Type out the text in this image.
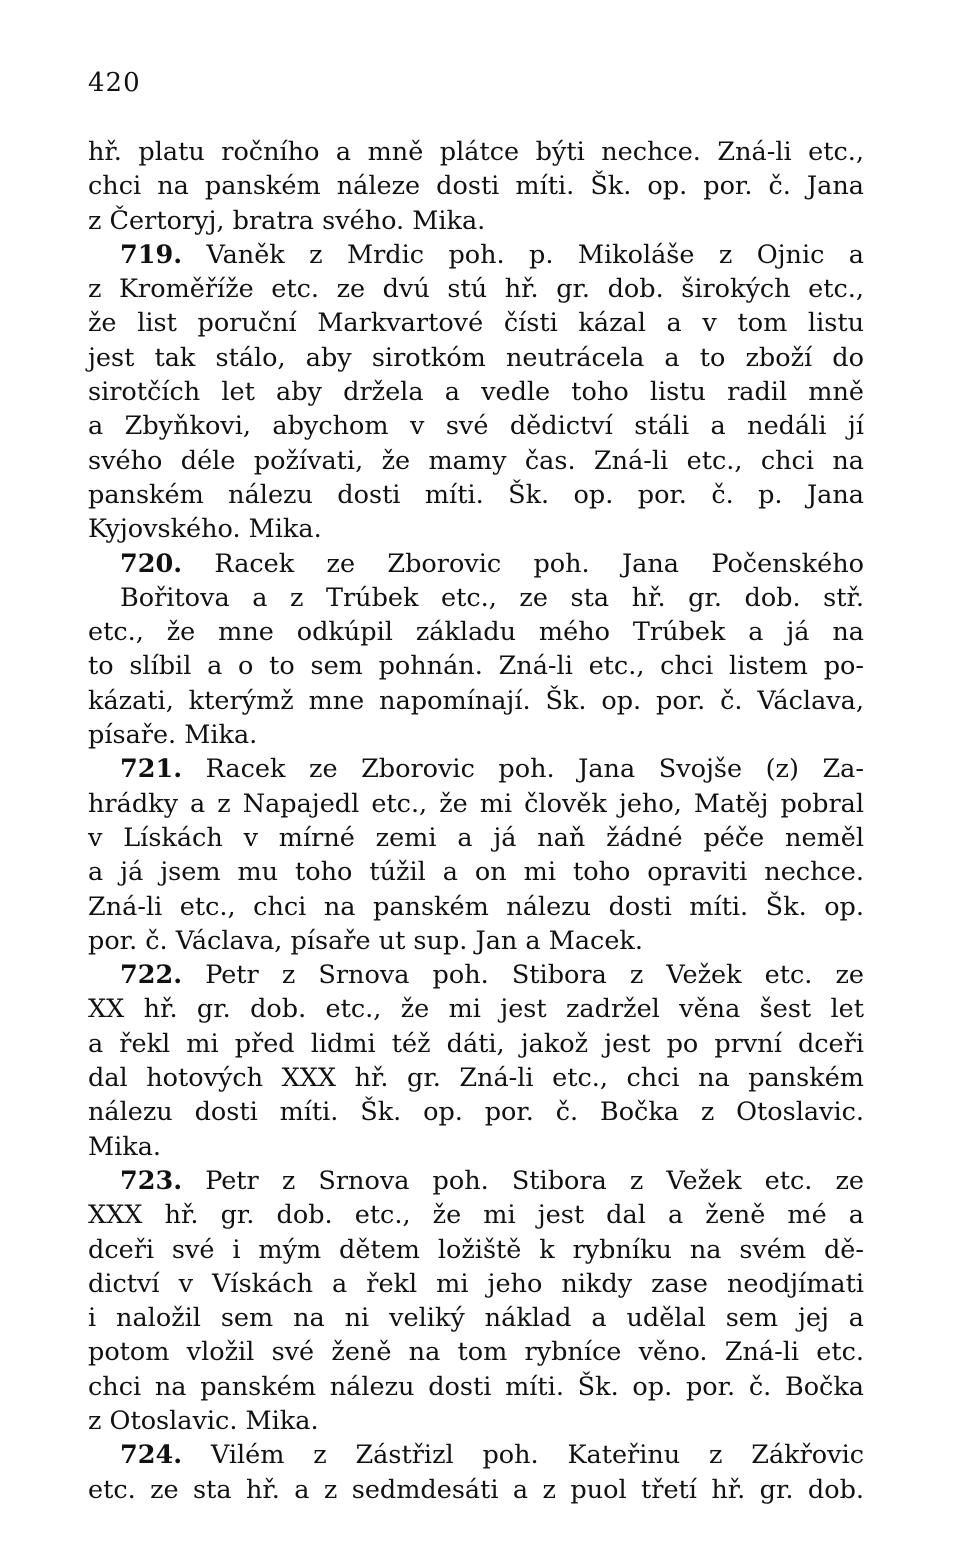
420
hř. platu ročního a mně plátce býti nechce. Zná-li etc.,
chci na panském náleze dosti míti. Šk. op. por. č. Jana
z Čertoryj, bratra svého. Mika.
719. Vaněk z Mrdic poh. p. Mikoláše z Ojnic a
z Kroměříže etc. ze dvú stú hř. gr. dob. širokých etc.,
že list poruční Markvartové čísti kázal a v tom listu
jest tak stálo, aby sirotkóm neutrácela a to zboží do
sirotčích let aby držela a vedle toho listu radil mně
a Zbyňkovi, abychom v své dědictví stáli a nedáli jí
svého déle požívati, že mamy čas. Zná-li etc., chci na
panském nálezu dosti míti. Šk. op. por. č. p. Jana
Kyjovského. Mika.
720. Racek ze Zborovic poh. Jana Počenského
Bořitova a z Trúbek etc., ze sta hř. gr. dob. stř.
etc., že mne odkúpil základu mého Trúbek a já na
to slíbil a o to sem pohnán. Zná-li etc., chci listem po-
kázati, kterýmž mne napomínají. Šk. op. por. č. Václava,
písaře. Mika.
721. Racek ze Zborovic poh. Jana Svojše (z) Za-
hrádky a z Napajedl etc., že mi člověk jeho, Matěj pobral
v Lískách v mírné zemi a já naň žádné péče neměl
a já jsem mu toho túžil a on mi toho opraviti nechce.
Zná-li etc., chci na panském nálezu dosti míti. Šk. op.
por. č. Václava, písaře ut sup. Jan a Macek.
722. Petr z Srnova poh. Stibora z Vežek etc. ze
XX hř. gr. dob. etc., že mi jest zadržel věna šest let
a řekl mi před lidmi též dáti, jakož jest po první dceři
dal hotových XXX hř. gr. Zná-li etc., chci na panském
nálezu dosti míti. Šk. op. por. č. Bočka z Otoslavic.
Mika.
723. Petr z Srnova poh. Stibora z Vežek etc. ze
XXX hř. gr. dob. etc., že mi jest dal a ženě mé a
dceři své i mým dětem ložiště k rybníku na svém dě-
dictví v Vískách a řekl mi jeho nikdy zase neodjímati
i naložil sem na ni veliký náklad a udělal sem jej a
potom vložil své ženě na tom rybníce věno. Zná-li etc.
chci na panském nálezu dosti míti. Šk. op. por. č. Bočka
z Otoslavic. Mika.
724. Vilém z Zástřizl poh. Kateřinu z Zákřovic
etc. ze sta hř. a z sedmdesáti a z puol třetí hř. gr. dob.
